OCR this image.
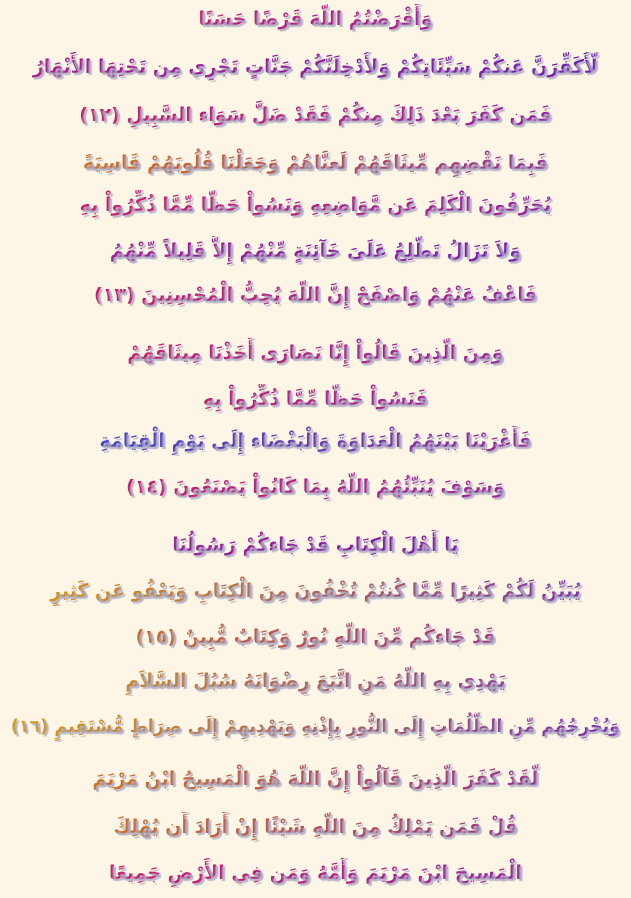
وَأَقْرَضْتُمُ اللّهَ قَرْضًا حَسَنًا
لَّأُكَفِّرَنَّ عَنكُمْ سَيِّئَاتِكُمْ وَلأُدْخِلَنَّكُمْ جَنَّاتٍ تَجْرِي مِن تَحْتِهَا الأَنْهَارُ
فَمَن كَفَرَ بَعْدَ ذَلِكَ مِنكُمْ فَقَدْ ضَلَّ سَوَاء السَّبِيلِ (١٢)
فَبِمَا نَقْضِهِم مِّيثَاقَهُمْ لَعنَّاهُمْ وَجَعَلْنَا قُلُوبَهُمْ قَاسِيَةً
يُحَرِّفُونَ الْكَلِمَ عَن مَّوَاضِعِهِ وَنَسُواْ حَظًّا مِّمَّا ذُكِّرُواْ بِهِ
وَلاَ تَزَالُ تَطَّلِعُ عَلَىَ خَآئِنَةٍ مِّنْهُمْ إِلاَّ قَلِيلاً مِّنْهُمُ
فَاعْفُ عَنْهُمْ وَاصْفَحْ إِنَّ اللّهَ يُحِبُّ الْمُحْسِنِينَ (١٣)
وَمِنَ الَّذِينَ قَالُواْ إِنَّا نَصَارَى أَخَذْنَا مِيثَاقَهُمْ
فَنَسُواْ حَظًّا مِّمَّا ذُكِّرُواْ بِهِ
فَأَغْرَيْنَا بَيْنَهُمُ الْعَدَاوَةَ وَالْبَغْضَاء إِلَى يَوْمِ الْقِيَامَةِ
وَسَوْفَ يُنَبِّئُهُمُ اللّهُ بِمَا كَانُواْ يَصْنَعُونَ (١٤)
يَا أَهْلَ الْكِتَابِ قَدْ جَاءكُمْ رَسُولُنَا
يُبَيِّنُ لَكُمْ كَثِيرًا مِّمَّا كُنتُمْ تُخْفُونَ مِنَ الْكِتَابِ وَيَعْفُو عَن كَثِيرٍ
قَدْ جَاءكُم مِّنَ اللّهِ نُورٌ وَكِتَابٌ مُّبِينٌ (١٥)
يَهْدِي بِهِ اللّهُ مَنِ اتَّبَعَ رِضْوَانَهُ سُبُلَ السَّلاَمِ
وَيُخْرِجُهُم مِّنِ الظُّلُمَاتِ إِلَى النُّورِ بِإِذْنِهِ وَيَهْدِيهِمْ إِلَى صِرَاطٍ مُّسْتَقِيمٍ (١٦)
لَّقَدْ كَفَرَ الَّذِينَ قَآلُواْ إِنَّ اللّهَ هُوَ الْمَسِيحُ ابْنُ مَرْيَمَ
قُلْ فَمَن يَمْلِكُ مِنَ اللّهِ شَيْئًا إِنْ أَرَادَ أَن يُهْلِكَ
الْمَسِيحَ ابْنَ مَرْيَمَ وَأُمَّهُ وَمَن فِي الأَرْضِ جَمِيعًا
